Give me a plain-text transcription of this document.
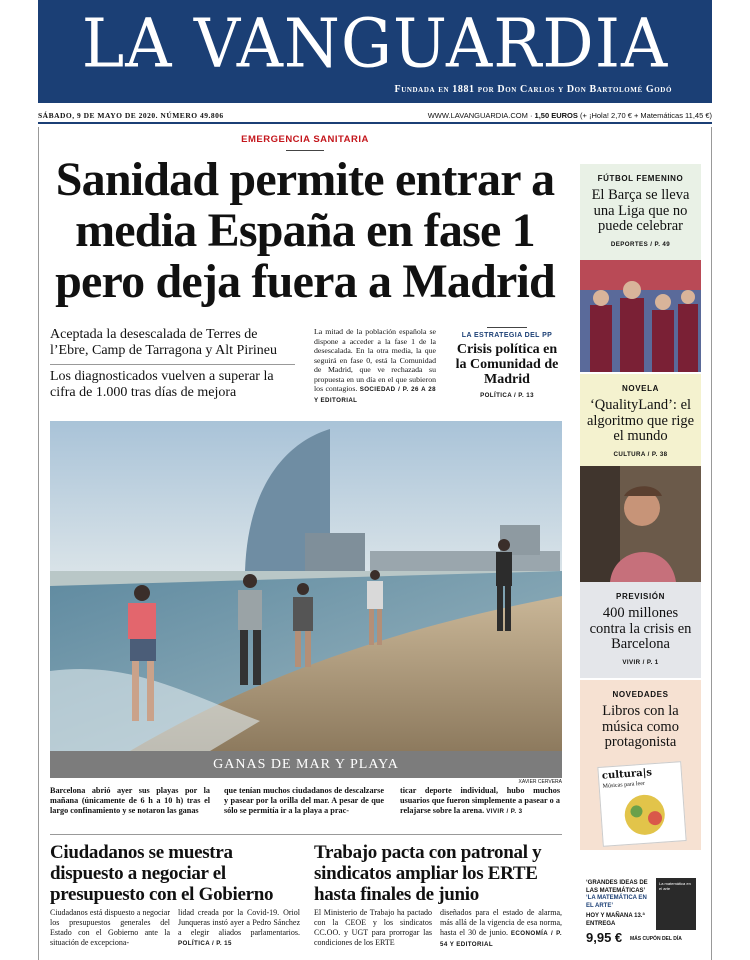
LA VANGUARDIA
Fundada en 1881 por Don Carlos y Don Bartolomé Godó
SÁBADO, 9 DE MAYO DE 2020. NÚMERO 49.806	WWW.LAVANGUARDIA.COM · 1,50 EUROS (+ ¡Hola! 2,70 € + Matemáticas 11,45 €)
EMERGENCIA SANITARIA
Sanidad permite entrar a media España en fase 1 pero deja fuera a Madrid
Aceptada la desescalada de Terres de l’Ebre, Camp de Tarragona y Alt Pirineu
Los diagnosticados vuelven a superar la cifra de 1.000 tras días de mejora
La mitad de la población española se dispone a acceder a la fase 1 de la desescalada. En la otra media, la que seguirá en fase 0, está la Comunidad de Madrid, que ve rechazada su propuesta en un día en el que subieron los contagios. SOCIEDAD / P. 26 A 28 Y EDITORIAL
LA ESTRATEGIA DEL PP
Crisis política en la Comunidad de Madrid
POLÍTICA / P. 13
GANAS DE MAR Y PLAYA
XAVIER CERVERA
Barcelona abrió ayer sus playas por la mañana (únicamente de 6 h a 10 h) tras el largo confinamiento y se notaron las ganas
que tenían muchos ciudadanos de descalzarse y pasear por la orilla del mar. A pesar de que sólo se permitía ir a la playa a prac-
ticar deporte individual, hubo muchos usuarios que fueron simplemente a pasear o a relajarse sobre la arena. VIVIR / P. 3
Ciudadanos se muestra dispuesto a negociar el presupuesto con el Gobierno
Ciudadanos está dispuesto a negociar los presupuestos generales del Estado con el Gobierno ante la situación de excepciona-
lidad creada por la Covid-19. Oriol Junqueras instó ayer a Pedro Sánchez a elegir aliados parlamentarios. POLÍTICA / P. 15
Trabajo pacta con patronal y sindicatos ampliar los ERTE hasta finales de junio
El Ministerio de Trabajo ha pactado con la CEOE y los sindicatos CC.OO. y UGT para prorrogar las condiciones de los ERTE
diseñados para el estado de alarma, más allá de la vigencia de esa norma, hasta el 30 de junio. ECONOMÍA / P. 54 Y EDITORIAL
FÚTBOL FEMENINO
El Barça se lleva una Liga que no puede celebrar
DEPORTES / P. 49
NOVELA
‘QualityLand’: el algoritmo que rige el mundo
CULTURA / P. 38
PREVISIÓN
400 millones contra la crisis en Barcelona
VIVIR / P. 1
NOVEDADES
Libros con la música como protagonista
cultura|s
Músicas para leer
‘GRANDES IDEAS DE LAS MATEMÁTICAS’
‘LA MATEMÁTICA EN EL ARTE’
HOY Y MAÑANA 13.ª ENTREGA
La matemática en el arte
9,95 € MÁS CUPÓN DEL DÍA
